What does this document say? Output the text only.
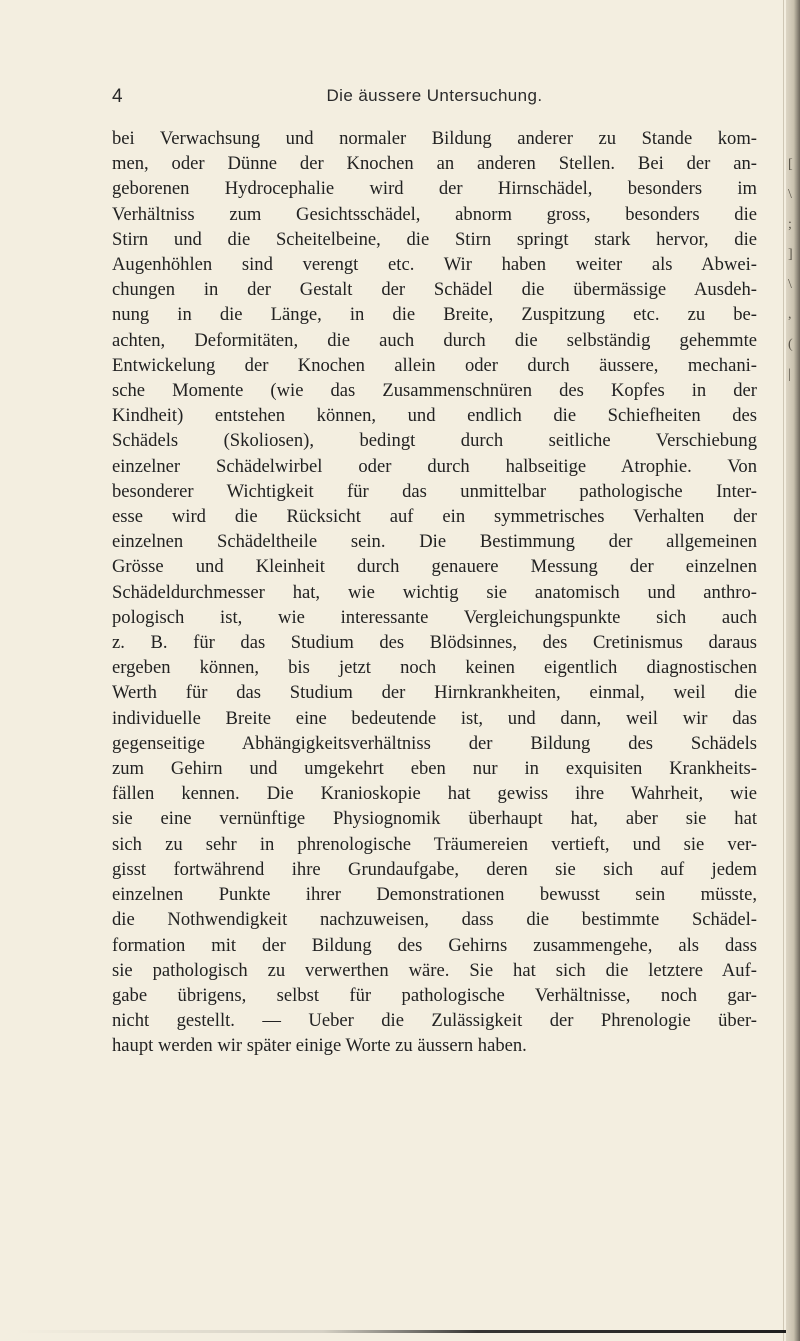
[
\
;
]
\
,
(
|
4	Die äussere Untersuchung.
bei Verwachsung und normaler Bildung anderer zu Stande kom-
men, oder Dünne der Knochen an anderen Stellen. Bei der an-
geborenen Hydrocephalie wird der Hirnschädel, besonders im
Verhältniss zum Gesichtsschädel, abnorm gross, besonders die
Stirn und die Scheitelbeine, die Stirn springt stark hervor, die
Augenhöhlen sind verengt etc. Wir haben weiter als Abwei-
chungen in der Gestalt der Schädel die übermässige Ausdeh-
nung in die Länge, in die Breite, Zuspitzung etc. zu be-
achten, Deformitäten, die auch durch die selbständig gehemmte
Entwickelung der Knochen allein oder durch äussere, mechani-
sche Momente (wie das Zusammenschnüren des Kopfes in der
Kindheit) entstehen können, und endlich die Schiefheiten des
Schädels (Skoliosen), bedingt durch seitliche Verschiebung
einzelner Schädelwirbel oder durch halbseitige Atrophie. Von
besonderer Wichtigkeit für das unmittelbar pathologische Inter-
esse wird die Rücksicht auf ein symmetrisches Verhalten der
einzelnen Schädeltheile sein. Die Bestimmung der allgemeinen
Grösse und Kleinheit durch genauere Messung der einzelnen
Schädeldurchmesser hat, wie wichtig sie anatomisch und anthro-
pologisch ist, wie interessante Vergleichungspunkte sich auch
z. B. für das Studium des Blödsinnes, des Cretinismus daraus
ergeben können, bis jetzt noch keinen eigentlich diagnostischen
Werth für das Studium der Hirnkrankheiten, einmal, weil die
individuelle Breite eine bedeutende ist, und dann, weil wir das
gegenseitige Abhängigkeitsverhältniss der Bildung des Schädels
zum Gehirn und umgekehrt eben nur in exquisiten Krankheits-
fällen kennen. Die Kranioskopie hat gewiss ihre Wahrheit, wie
sie eine vernünftige Physiognomik überhaupt hat, aber sie hat
sich zu sehr in phrenologische Träumereien vertieft, und sie ver-
gisst fortwährend ihre Grundaufgabe, deren sie sich auf jedem
einzelnen Punkte ihrer Demonstrationen bewusst sein müsste,
die Nothwendigkeit nachzuweisen, dass die bestimmte Schädel-
formation mit der Bildung des Gehirns zusammengehe, als dass
sie pathologisch zu verwerthen wäre. Sie hat sich die letztere Auf-
gabe übrigens, selbst für pathologische Verhältnisse, noch gar-
nicht gestellt. — Ueber die Zulässigkeit der Phrenologie über-
haupt werden wir später einige Worte zu äussern haben.
